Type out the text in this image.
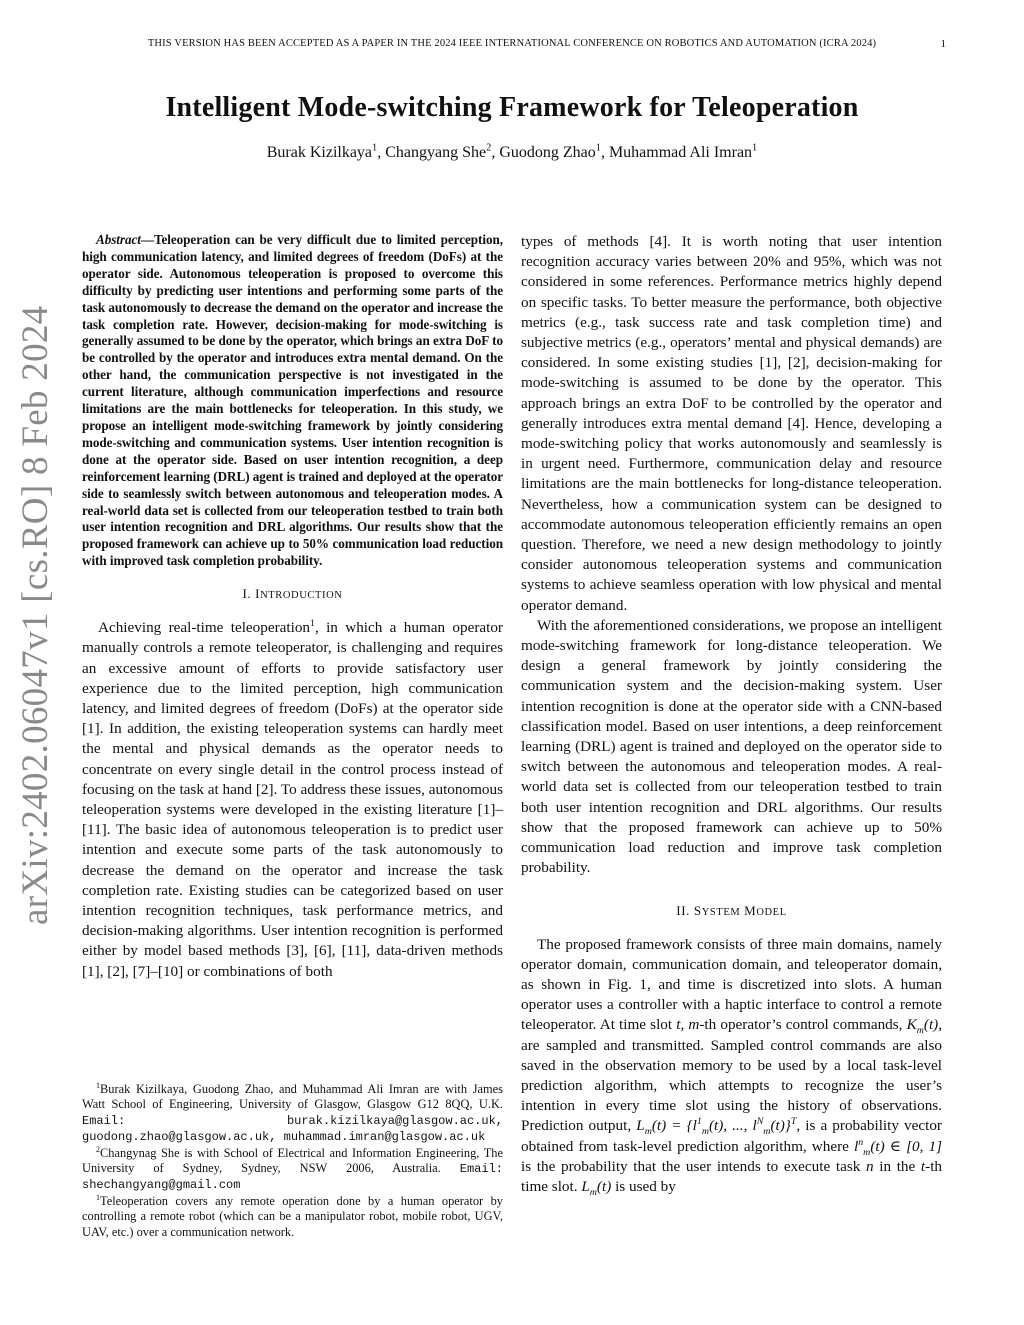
THIS VERSION HAS BEEN ACCEPTED AS A PAPER IN THE 2024 IEEE INTERNATIONAL CONFERENCE ON ROBOTICS AND AUTOMATION (ICRA 2024)	1
arXiv:2402.06047v1 [cs.RO] 8 Feb 2024
Intelligent Mode-switching Framework for Teleoperation
Burak Kizilkaya$^1$, Changyang She$^2$, Guodong Zhao$^1$, Muhammad Ali Imran$^1$

Abstract—Teleoperation can be very difficult due to limited perception, high communication latency, and limited degrees of freedom (DoFs) at the operator side. Autonomous teleoperation is proposed to overcome this difficulty by predicting user intentions and performing some parts of the task autonomously to decrease the demand on the operator and increase the task completion rate. However, decision-making for mode-switching is generally assumed to be done by the operator, which brings an extra DoF to be controlled by the operator and introduces extra mental demand. On the other hand, the communication perspective is not investigated in the current literature, although communication imperfections and resource limitations are the main bottlenecks for teleoperation. In this study, we propose an intelligent mode-switching framework by jointly considering mode-switching and communication systems. User intention recognition is done at the operator side. Based on user intention recognition, a deep reinforcement learning (DRL) agent is trained and deployed at the operator side to seamlessly switch between autonomous and teleoperation modes. A real-world data set is collected from our teleoperation testbed to train both user intention recognition and DRL algorithms. Our results show that the proposed framework can achieve up to 50% communication load reduction with improved task completion probability.

I. INTRODUCTION

Achieving real-time teleoperation$^1$, in which a human operator manually controls a remote teleoperator, is challenging and requires an excessive amount of efforts to provide satisfactory user experience due to the limited perception, high communication latency, and limited degrees of freedom (DoFs) at the operator side [1]. In addition, the existing teleoperation systems can hardly meet the mental and physical demands as the operator needs to concentrate on every single detail in the control process instead of focusing on the task at hand [2]. To address these issues, autonomous teleoperation systems were developed in the existing literature [1]–[11]. The basic idea of autonomous teleoperation is to predict user intention and execute some parts of the task autonomously to decrease the demand on the operator and increase the task completion rate. Existing studies can be categorized based on user intention recognition techniques, task performance metrics, and decision-making algorithms. User intention recognition is performed either by model based methods [3], [6], [11], data-driven methods [1], [2], [7]–[10] or combinations of both

$^1$Burak Kizilkaya, Guodong Zhao, and Muhammad Ali Imran are with James Watt School of Engineering, University of Glasgow, Glasgow G12 8QQ, U.K. Email:	burak.kizilkaya@glasgow.ac.uk, guodong.zhao@glasgow.ac.uk, muhammad.imran@glasgow.ac.uk

$^2$Changynag She is with School of Electrical and Information Engineering, The University of Sydney, Sydney, NSW 2006, Australia. Email: shechangyang@gmail.com

$^1$Teleoperation covers any remote operation done by a human operator by controlling a remote robot (which can be a manipulator robot, mobile robot, UGV, UAV, etc.) over a communication network.

types of methods [4]. It is worth noting that user intention recognition accuracy varies between 20% and 95%, which was not considered in some references. Performance metrics highly depend on specific tasks. To better measure the performance, both objective metrics (e.g., task success rate and task completion time) and subjective metrics (e.g., operators’ mental and physical demands) are considered. In some existing studies [1], [2], decision-making for mode-switching is assumed to be done by the operator. This approach brings an extra DoF to be controlled by the operator and generally introduces extra mental demand [4]. Hence, developing a mode-switching policy that works autonomously and seamlessly is in urgent need. Furthermore, communication delay and resource limitations are the main bottlenecks for long-distance teleoperation. Nevertheless, how a communication system can be designed to accommodate autonomous teleoperation efficiently remains an open question. Therefore, we need a new design methodology to jointly consider autonomous teleoperation systems and communication systems to achieve seamless operation with low physical and mental operator demand.

With the aforementioned considerations, we propose an intelligent mode-switching framework for long-distance teleoperation. We design a general framework by jointly considering the communication system and the decision-making system. User intention recognition is done at the operator side with a CNN-based classification model. Based on user intentions, a deep reinforcement learning (DRL) agent is trained and deployed on the operator side to switch between the autonomous and teleoperation modes. A real-world data set is collected from our teleoperation testbed to train both user intention recognition and DRL algorithms. Our results show that the proposed framework can achieve up to 50% communication load reduction and improve task completion probability.

II. SYSTEM MODEL

The proposed framework consists of three main domains, namely operator domain, communication domain, and teleoperator domain, as shown in Fig. 1, and time is discretized into slots. A human operator uses a controller with a haptic interface to control a remote teleoperator. At time slot t, m-th operator’s control commands, $K_m(t)$, are sampled and transmitted. Sampled control commands are also saved in the observation memory to be used by a local task-level prediction algorithm, which attempts to recognize the user’s intention in every time slot using the history of observations. Prediction output, $L_m(t) = \{l^1_m(t)$, ..., $l^N_m(t)\}^T$, is a probability vector obtained from task-level prediction algorithm, where $l^n_m(t)$ ∈ [0, 1] is the probability that the user intends to execute task n in the t-th time slot. $L_m(t)$ is used by
